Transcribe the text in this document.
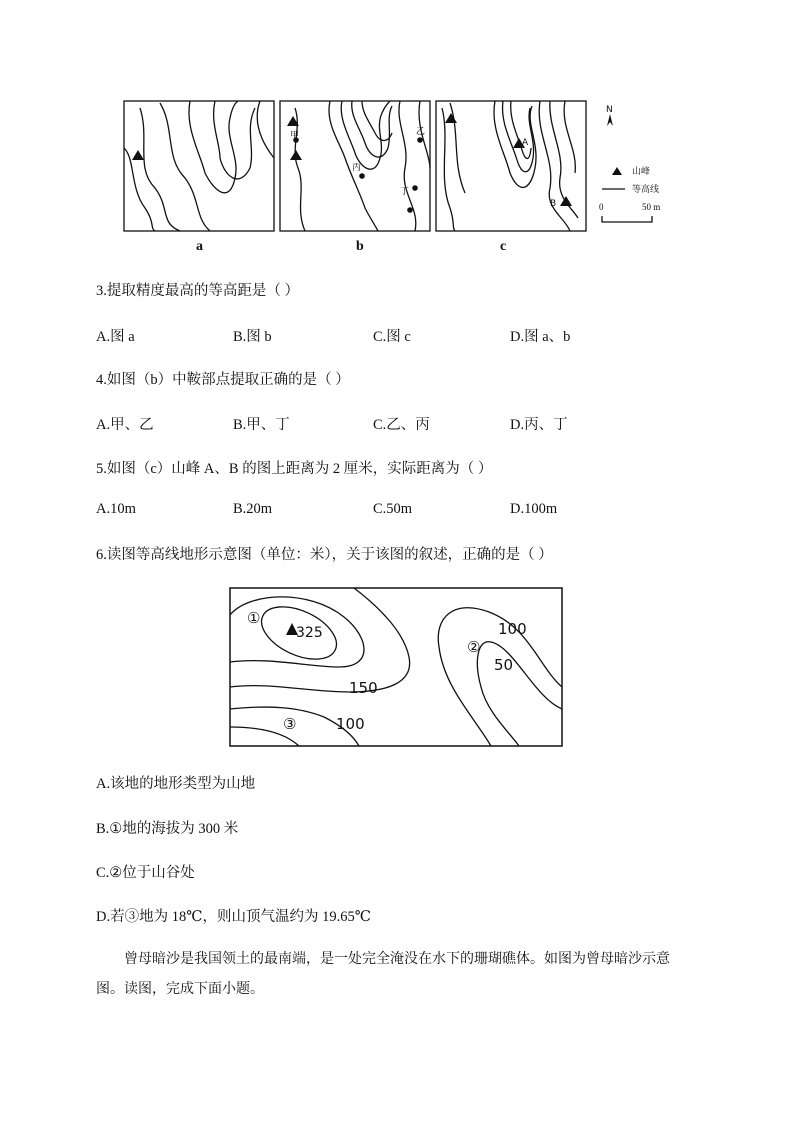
甲	乙
丙
丁
A
B
a	b	c
N
山峰
等高线
0	50 m
3.提取精度最高的等高距是（ ）
A.图 a	B.图 b	C.图 c	D.图 a、b
4.如图（b）中鞍部点提取正确的是（ ）
A.甲、乙	B.甲、丁	C.乙、丙	D.丙、丁
5.如图（c）山峰 A、B 的图上距离为 2 厘米，实际距离为（ ）
A.10m	B.20m	C.50m	D.100m
6.读图等高线地形示意图（单位：米），关于该图的叙述，正确的是（ ）
①
325	100
②
50
150
③	100
A.该地的地形类型为山地
B.①地的海拔为 300 米
C.②位于山谷处
D.若③地为 18℃，则山顶气温约为 19.65℃
曾母暗沙是我国领土的最南端，是一处完全淹没在水下的珊瑚礁体。如图为曾母暗沙示意图。读图，完成下面小题。
